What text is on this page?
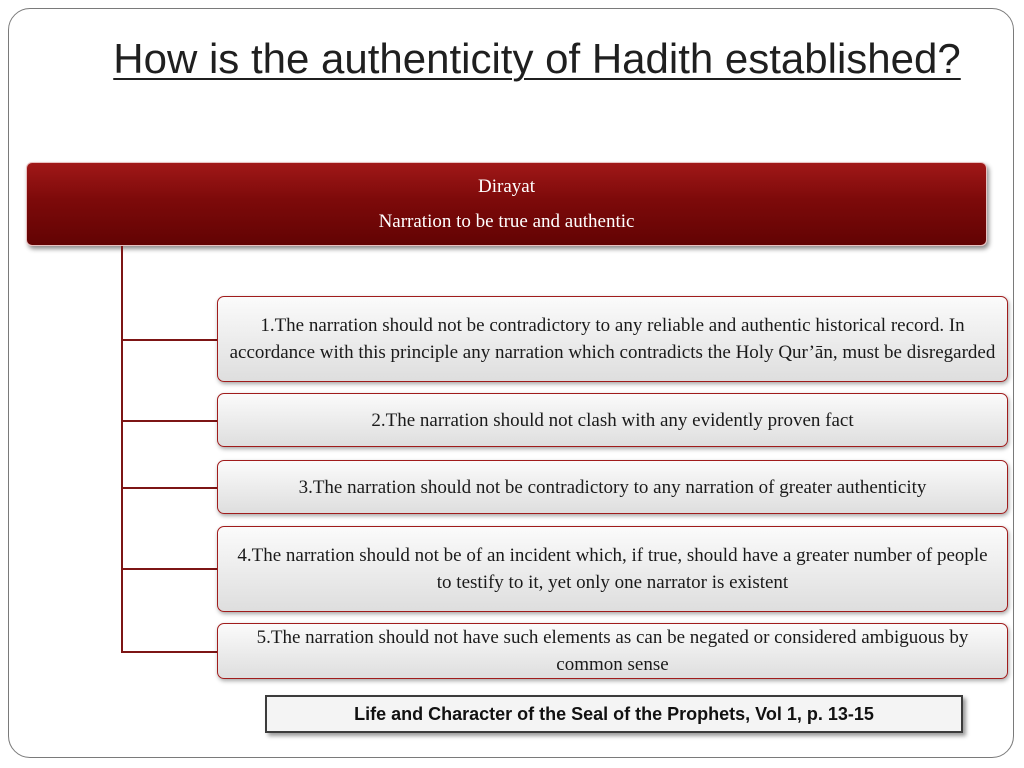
How is the authenticity of Hadith established?
Dirayat
Narration to be true and authentic
1.The narration should not be contradictory to any reliable and authentic historical record. In accordance with this principle any narration which contradicts the Holy Qur’ān, must be disregarded
2.The narration should not clash with any evidently proven fact
3.The narration should not be contradictory to any narration of greater authenticity
4.The narration should not be of an incident which, if true, should have a greater number of people to testify to it, yet only one narrator is existent
5.The narration should not have such elements as can be negated or considered ambiguous by common sense
Life and Character of the Seal of the Prophets, Vol 1, p. 13-15
